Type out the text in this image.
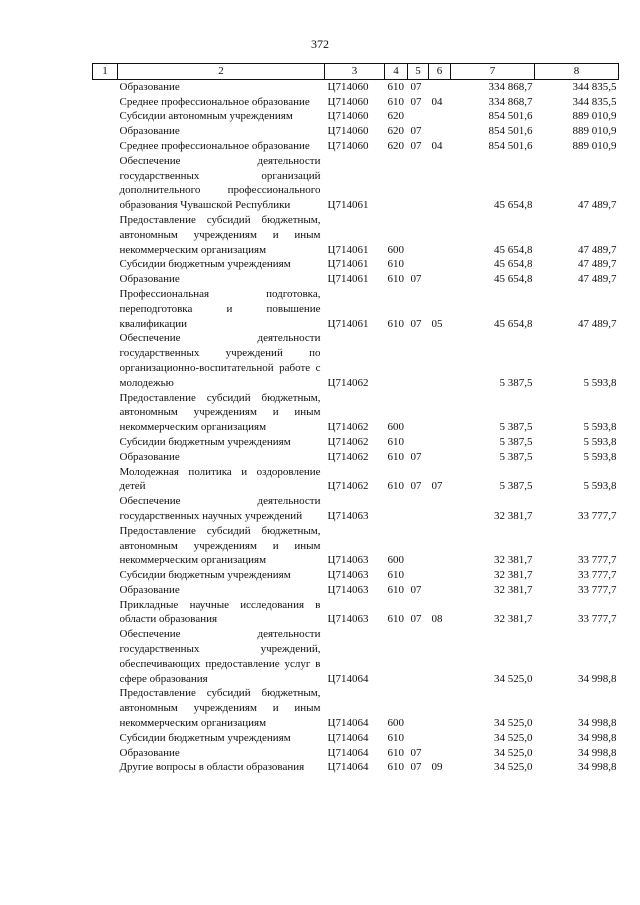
372
1	2	3	4	5	6	7	8
	Образование	Ц714060	610	07		334 868,7	344 835,5
	Среднее профессиональное образование	Ц714060	610	07	04	334 868,7	344 835,5
	Субсидии автономным учреждениям	Ц714060	620			854 501,6	889 010,9
	Образование	Ц714060	620	07		854 501,6	889 010,9
	Среднее профессиональное образование	Ц714060	620	07	04	854 501,6	889 010,9
	Обеспечение деятельности государственных организаций дополнительного профессионального образования Чувашской Республики	Ц714061				45 654,8	47 489,7
	Предоставление субсидий бюджетным, автономным учреждениям и иным некоммерческим организациям	Ц714061	600			45 654,8	47 489,7
	Субсидии бюджетным учреждениям	Ц714061	610			45 654,8	47 489,7
	Образование	Ц714061	610	07		45 654,8	47 489,7
	Профессиональная подготовка, переподготовка и повышение квалификации	Ц714061	610	07	05	45 654,8	47 489,7
	Обеспечение деятельности государственных учреждений по организационно-воспитательной работе с молодежью	Ц714062				5 387,5	5 593,8
	Предоставление субсидий бюджетным, автономным учреждениям и иным некоммерческим организациям	Ц714062	600			5 387,5	5 593,8
	Субсидии бюджетным учреждениям	Ц714062	610			5 387,5	5 593,8
	Образование	Ц714062	610	07		5 387,5	5 593,8
	Молодежная политика и оздоровление детей	Ц714062	610	07	07	5 387,5	5 593,8
	Обеспечение деятельности государственных научных учреждений	Ц714063				32 381,7	33 777,7
	Предоставление субсидий бюджетным, автономным учреждениям и иным некоммерческим организациям	Ц714063	600			32 381,7	33 777,7
	Субсидии бюджетным учреждениям	Ц714063	610			32 381,7	33 777,7
	Образование	Ц714063	610	07		32 381,7	33 777,7
	Прикладные научные исследования в области образования	Ц714063	610	07	08	32 381,7	33 777,7
	Обеспечение деятельности государственных учреждений, обеспечивающих предоставление услуг в сфере образования	Ц714064				34 525,0	34 998,8
	Предоставление субсидий бюджетным, автономным учреждениям и иным некоммерческим организациям	Ц714064	600			34 525,0	34 998,8
	Субсидии бюджетным учреждениям	Ц714064	610			34 525,0	34 998,8
	Образование	Ц714064	610	07		34 525,0	34 998,8
	Другие вопросы в области образования	Ц714064	610	07	09	34 525,0	34 998,8
